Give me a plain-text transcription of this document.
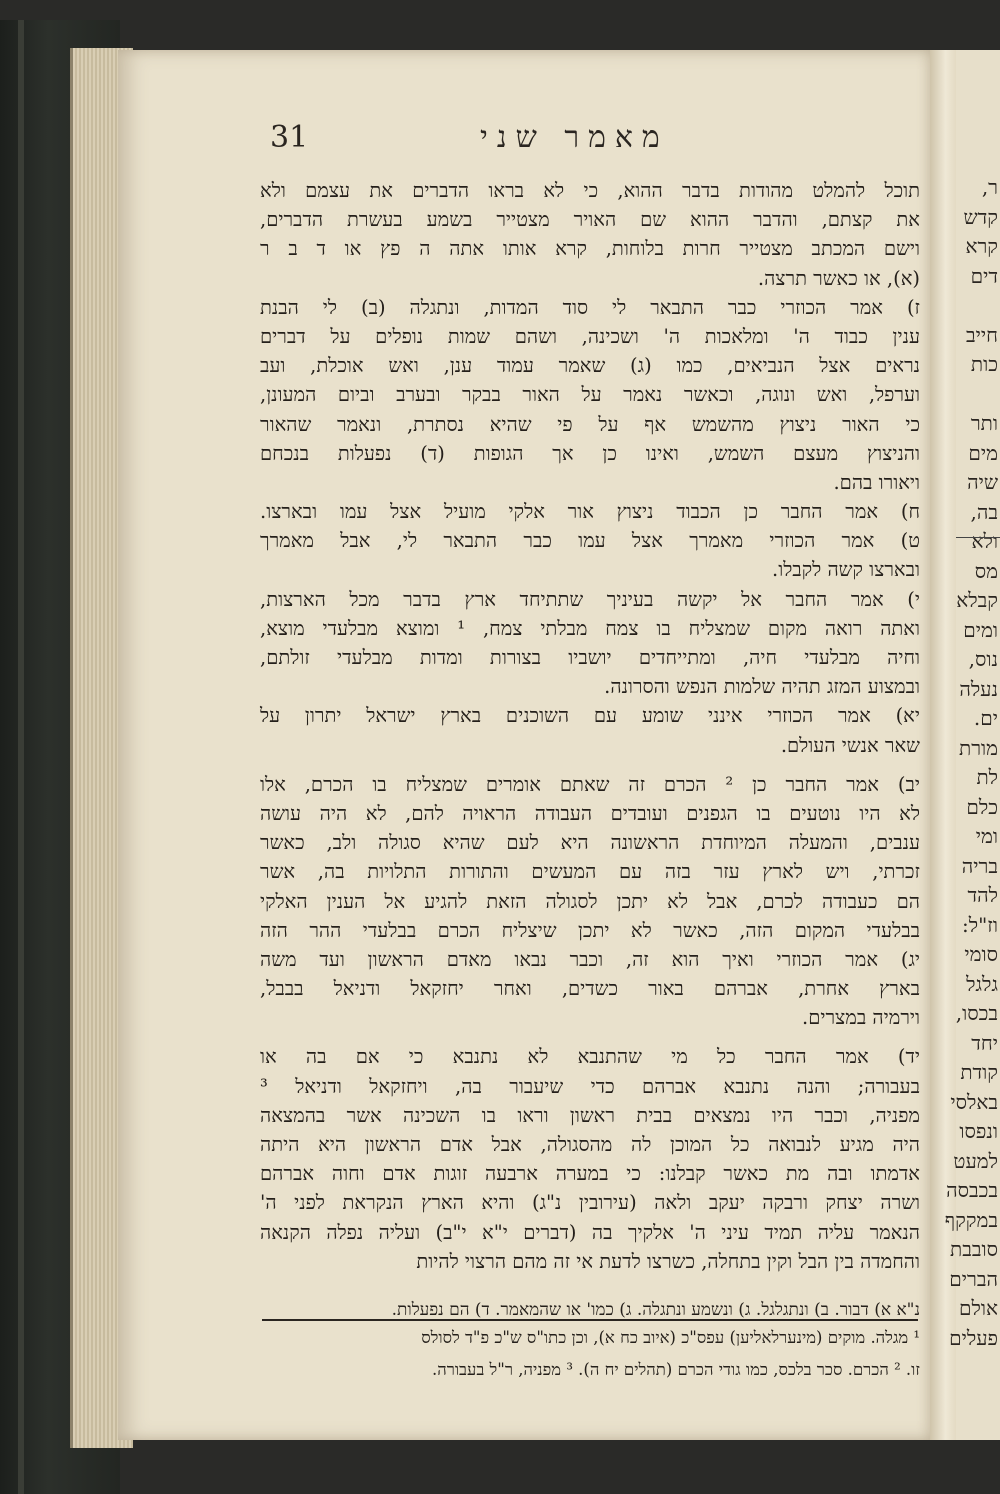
ר,
קדש
קרא
דים
חייב
כות
ותר
מים
שיה
בה,
ולא
מס
קבלא
ומים
נוס,
נעלה
ים.
מורת
לת
כלם
ומי
בריה
להד
וז"ל:
סומי
גלגל
בכסו,
יחד
קודת
באלסי
ונפסו
למעט
בכבסה
במקקף
סובבת
הברים
אולם
פעלים
31	מאמר שני
תוכל להמלט מהודות בדבר ההוא, כי לא בראו הדברים את עצמם ולא
את קצתם, והדבר ההוא שם האויר מצטייר בשמע בעשרת הדברים,
וישם המכתב מצטייר חרות בלוחות, קרא אותו אתה ה פץ או ד ב ר
(א), או כאשר תרצה.
ז) אמר הכוזרי כבר התבאר לי סוד המדות, ונתגלה (ב) לי הבנת
ענין כבוד ה' ומלאכות ה' ושכינה, ושהם שמות נופלים על דברים
נראים אצל הנביאים, כמו (ג) שאמר עמוד ענן, ואש אוכלת, ועב
וערפל, ואש ונוגה, וכאשר נאמר על האור בבקר ובערב וביום המעונן,
כי האור ניצוץ מהשמש אף על פי שהיא נסתרת, ונאמר שהאור
והניצוץ מעצם השמש, ואינו כן אך הגופות (ד) נפעלות בנכחם
ויאורו בהם.
ח) אמר החבר כן הכבוד ניצוץ אור אלקי מועיל אצל עמו ובארצו.
ט) אמר הכוזרי מאמרך אצל עמו כבר התבאר לי, אבל מאמרך
ובארצו קשה לקבלו.
י) אמר החבר אל יקשה בעיניך שתתיחד ארץ בדבר מכל הארצות,
ואתה רואה מקום שמצליח בו צמח מבלתי צמח, ¹ ומוצא מבלעדי מוצא,
וחיה מבלעדי חיה, ומתייחדים יושביו בצורות ומדות מבלעדי זולתם,
ובמצוע המזג תהיה שלמות הנפש והסרונה.
יא) אמר הכוזרי אינני שומע עם השוכנים בארץ ישראל יתרון על
שאר אנשי העולם.
יב) אמר החבר כן ² הכרם זה שאתם אומרים שמצליח בו הכרם, אלו
לא היו נוטעים בו הגפנים ועובדים העבודה הראויה להם, לא היה עושה
ענבים, והמעלה המיוחדת הראשונה היא לעם שהיא סגולה ולב, כאשר
זכרתי, ויש לארץ עזר בזה עם המעשים והתורות התלויות בה, אשר
הם כעבודה לכרם, אבל לא יתכן לסגולה הזאת להגיע אל הענין האלקי
בבלעדי המקום הזה, כאשר לא יתכן שיצליח הכרם בבלעדי ההר הזה
יג) אמר הכוזרי ואיך הוא זה, וכבר נבאו מאדם הראשון ועד משה
בארץ אחרת, אברהם באור כשדים, ואחר יחזקאל ודניאל בבבל,
וירמיה במצרים.
יד) אמר החבר כל מי שהתנבא לא נתנבא כי אם בה או
בעבורה; והנה נתנבא אברהם כדי שיעבור בה, ויחזקאל ודניאל ³
מפניה, וכבר היו נמצאים בבית ראשון וראו בו השכינה אשר בהמצאה
היה מגיע לנבואה כל המוכן לה מהסגולה, אבל אדם הראשון היא היתה
אדמתו ובה מת כאשר קבלנו: כי במערה ארבעה זוגות אדם וחוה אברהם
ושרה יצחק ורבקה יעקב ולאה (עירובין נ"ג) והיא הארץ הנקראת לפני ה'
הנאמר עליה תמיד עיני ה' אלקיך בה (דברים י"א י"ב) ועליה נפלה הקנאה
והחמדה בין הבל וקין בתחלה, כשרצו לדעת אי זה מהם הרצוי להיות
נ"א א) דבור. ב) ונתגלגל. ג) ונשמע ונתגלה. ג) כמו' או שהמאמר. ד) הם נפעלות.
¹ מגלה. מוקים (מינערלאליען) עפס"כ (איוב כח א), וכן כתו"ס ש"כ פ"ד לסולס
זו. ² הכרם. סכר בלכס, כמו גודי הכרם (תהלים יח ה). ³ מפניה, ר"ל בעבורה.
